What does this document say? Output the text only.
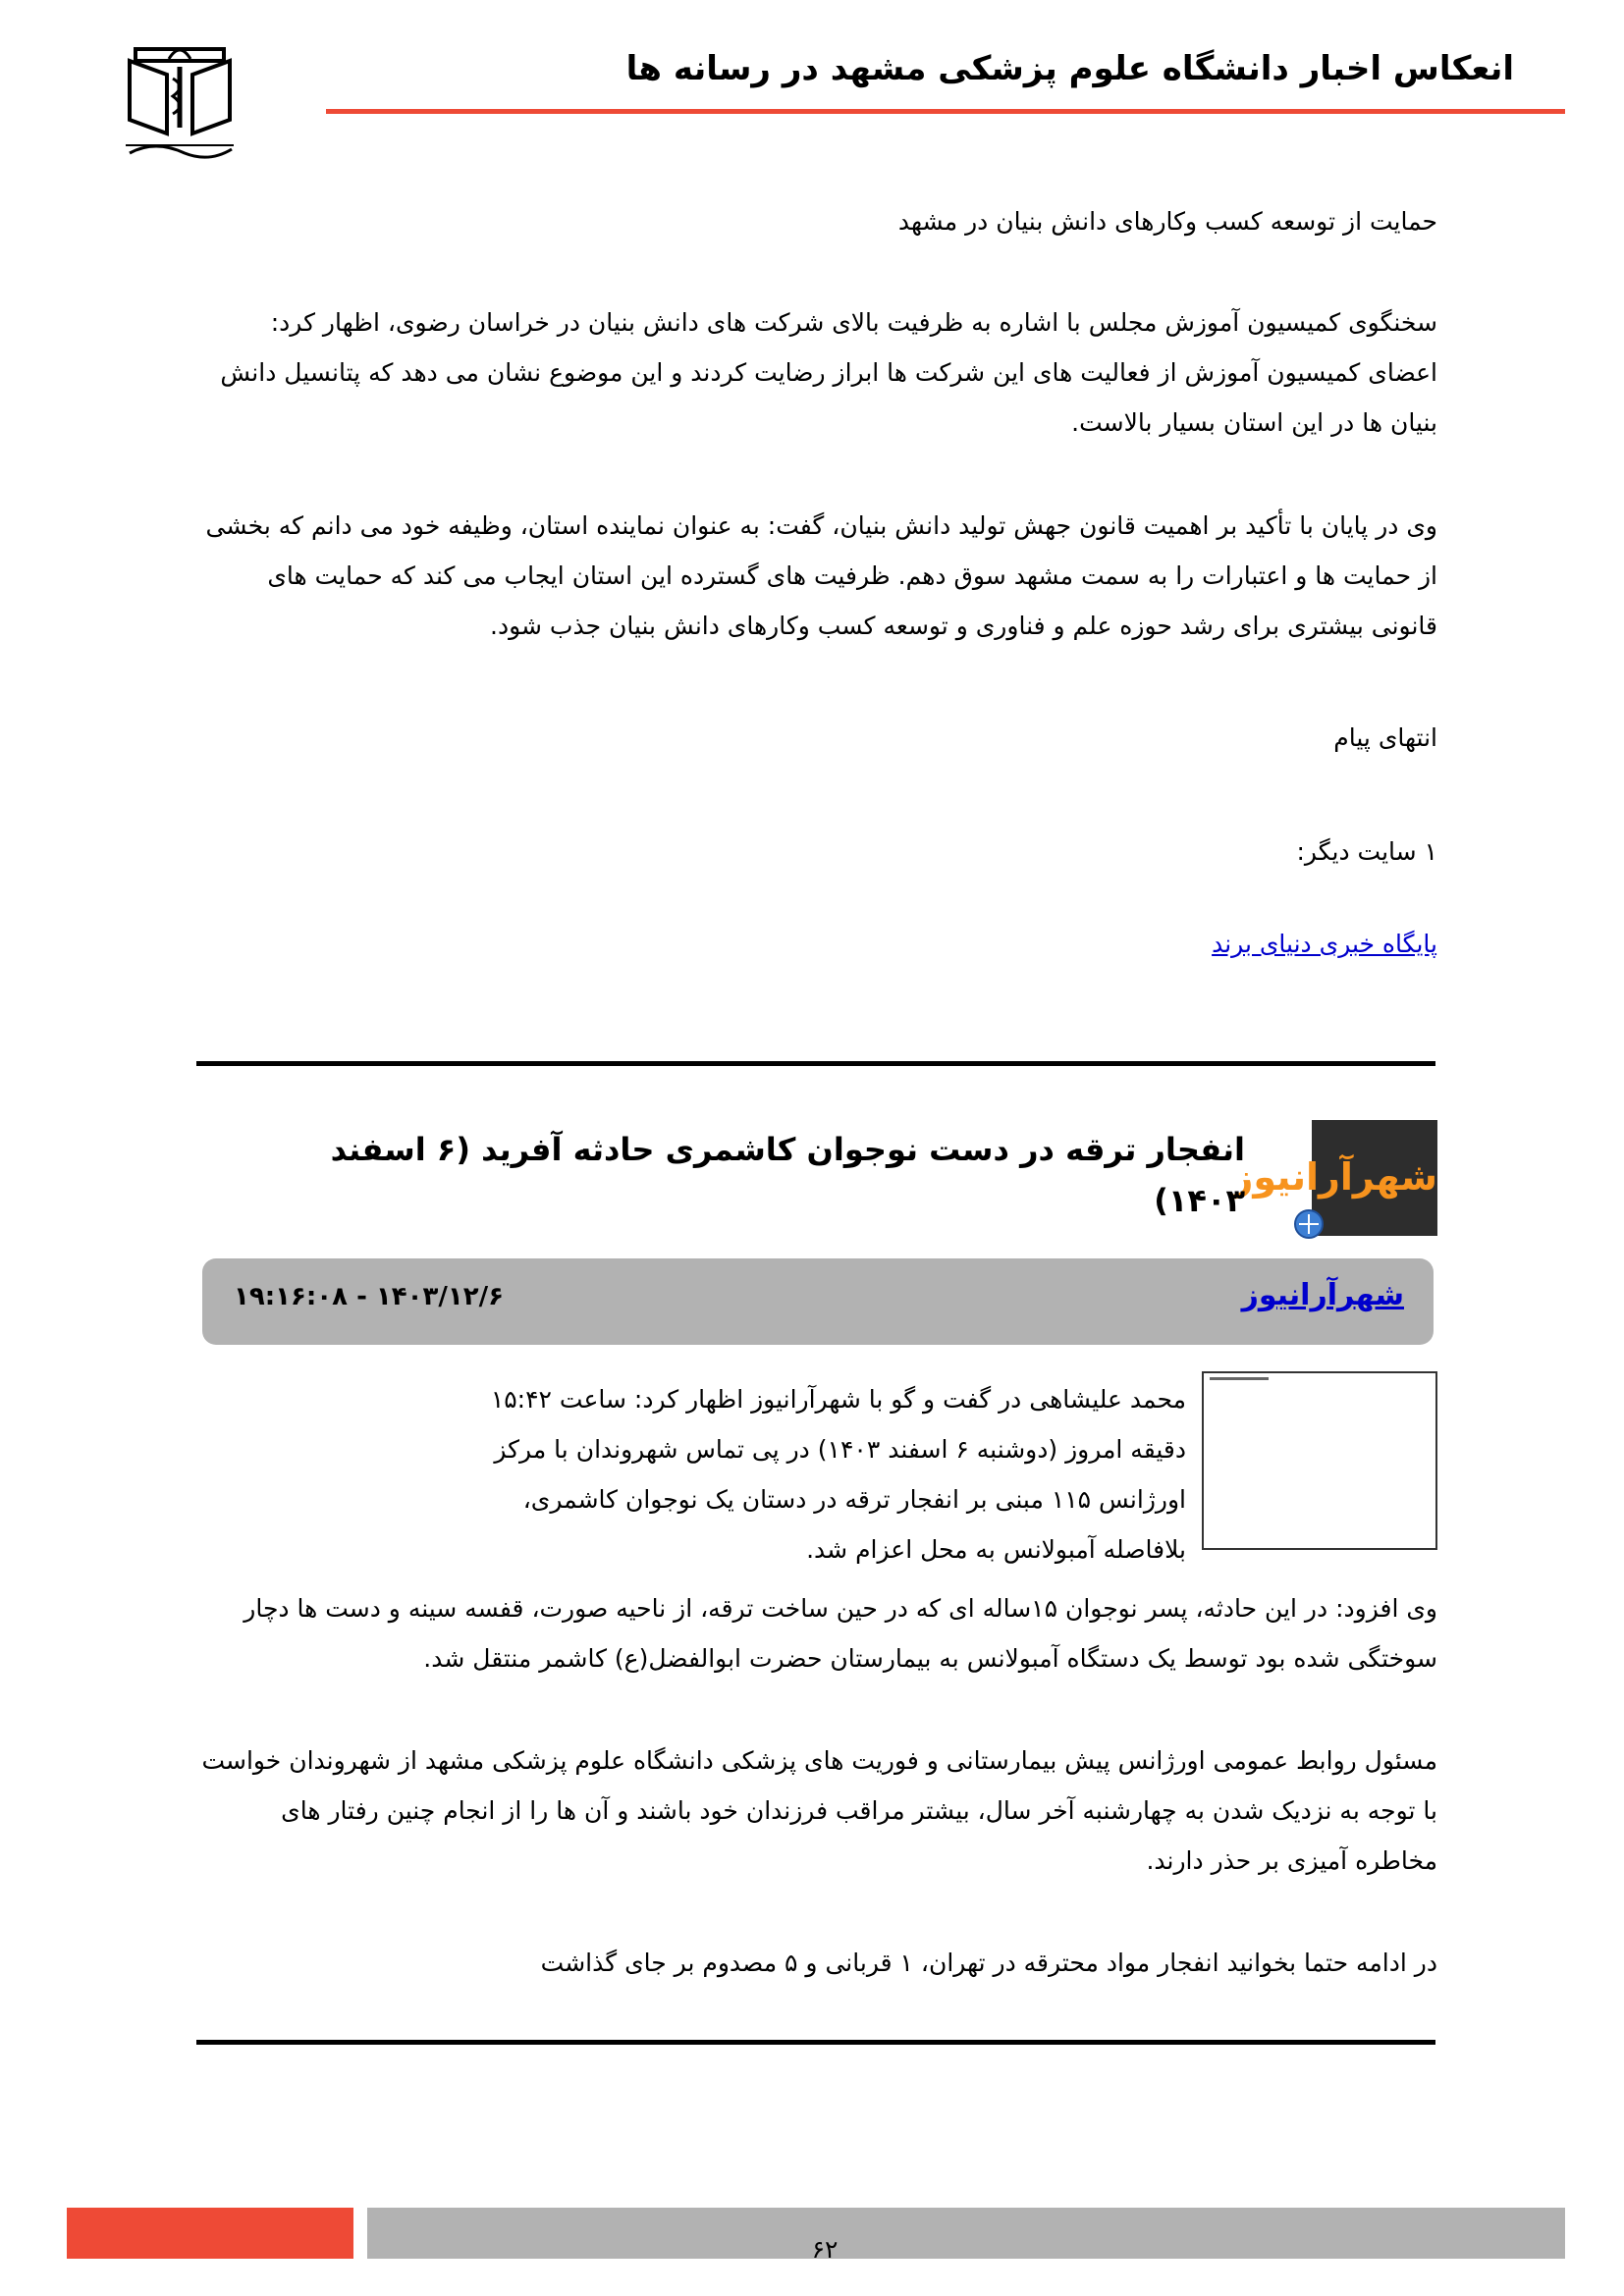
انعکاس اخبار دانشگاه علوم پزشکی مشهد در رسانه ها
حمایت از توسعه کسب وکارهای دانش بنیان در مشهد
سخنگوی کمیسیون آموزش مجلس با اشاره به ظرفیت بالای شرکت های دانش بنیان در خراسان رضوی، اظهار کرد: اعضای کمیسیون آموزش از فعالیت های این شرکت ها ابراز رضایت کردند و این موضوع نشان می دهد که پتانسیل دانش بنیان ها در این استان بسیار بالاست.
وی در پایان با تأکید بر اهمیت قانون جهش تولید دانش بنیان، گفت: به عنوان نماینده استان، وظیفه خود می دانم که بخشی از حمایت ها و اعتبارات را به سمت مشهد سوق دهم. ظرفیت های گسترده این استان ایجاب می کند که حمایت های قانونی بیشتری برای رشد حوزه علم و فناوری و توسعه کسب وکارهای دانش بنیان جذب شود.
انتهای پیام
۱ سایت دیگر:
پایگاه خبری دنیای برند
شهرآرانیوز
انفجار ترقه در دست نوجوان کاشمری حادثه آفرید (۶ اسفند ۱۴۰۳)
شهرآرانیوز
۱۴۰۳/۱۲/۶ - ۱۹:۱۶:۰۸
محمد علیشاهی در گفت و گو با شهرآرانیوز اظهار کرد: ساعت ۱۵:۴۲ دقیقه امروز (دوشنبه ۶ اسفند ۱۴۰۳) در پی تماس شهروندان با مرکز اورژانس ۱۱۵ مبنی بر انفجار ترقه در دستان یک نوجوان کاشمری، بلافاصله آمبولانس به محل اعزام شد.
وی افزود: در این حادثه، پسر نوجوان ۱۵ساله ای که در حین ساخت ترقه، از ناحیه صورت، قفسه سینه و دست ها دچار سوختگی شده بود توسط یک دستگاه آمبولانس به بیمارستان حضرت ابوالفضل(ع) کاشمر منتقل شد.
مسئول روابط عمومی اورژانس پیش بیمارستانی و فوریت های پزشکی دانشگاه علوم پزشکی مشهد از شهروندان خواست با توجه به نزدیک شدن به چهارشنبه آخر سال، بیشتر مراقب فرزندان خود باشند و آن ها را از انجام چنین رفتار های مخاطره آمیزی بر حذر دارند.
در ادامه حتما بخوانید انفجار مواد محترقه در تهران، ۱ قربانی و ۵ مصدوم بر جای گذاشت
۶۲
